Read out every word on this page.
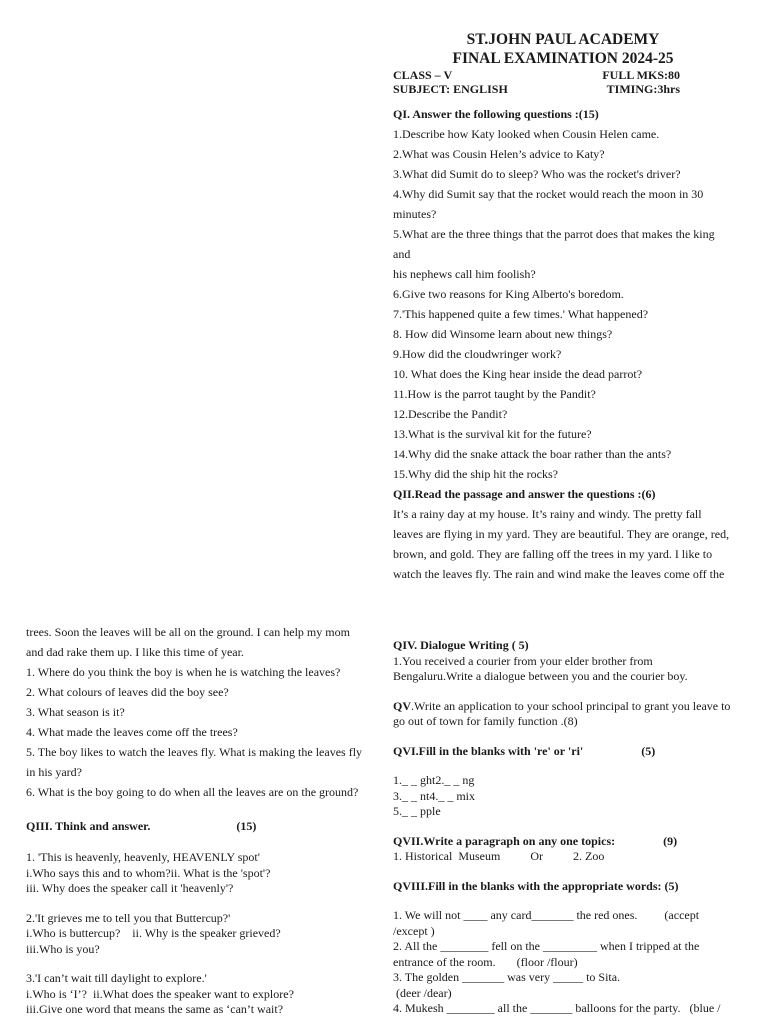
ST.JOHN PAUL ACADEMY
FINAL EXAMINATION 2024-25
CLASS – V	FULL MKS:80
SUBJECT: ENGLISH	TIMING:3hrs

QI. Answer the following questions :(15)

1.Describe how Katy looked when Cousin Helen came.

2.What was Cousin Helen’s advice to Katy?

3.What did Sumit do to sleep? Who was the rocket's driver?

4.Why did Sumit say that the rocket would reach the moon in 30

minutes?

5.What are the three things that the parrot does that makes the king and

his nephews call him foolish?

6.Give two reasons for King Alberto's boredom.

7.'This happened quite a few times.' What happened?

8. How did Winsome learn about new things?

9.How did the cloudwringer work?

10. What does the King hear inside the dead parrot?

11.How is the parrot taught by the Pandit?

12.Describe the Pandit?

13.What is the survival kit for the future?

14.Why did the snake attack the boar rather than the ants?

15.Why did the ship hit the rocks?

QII.Read the passage and answer the questions :(6)

It’s a rainy day at my house. It’s rainy and windy. The pretty fall

leaves are flying in my yard. They are beautiful. They are orange, red,

brown, and gold. They are falling off the trees in my yard. I like to

watch the leaves fly. The rain and wind make the leaves come off the

trees. Soon the leaves will be all on the ground. I can help my mom

and dad rake them up. I like this time of year.

1. Where do you think the boy is when he is watching the leaves?

2. What colours of leaves did the boy see?

3. What season is it?

4. What made the leaves come off the trees?

5. The boy likes to watch the leaves fly. What is making the leaves fly

in his yard?

6. What is the boy going to do when all the leaves are on the ground?

QIII. Think and answer.	(15)

1. 'This is heavenly, heavenly, HEAVENLY spot'

i.Who says this and to whom?ii. What is the 'spot'?

iii. Why does the speaker call it 'heavenly'?

2.'It grieves me to tell you that Buttercup?'

i.Who is buttercup?    ii. Why is the speaker grieved?

iii.Who is you?

3.'I can’t wait till daylight to explore.'

i.Who is ‘I’?  ii.What does the speaker want to explore?

iii.Give one word that means the same as ‘can’t wait?

QIV. Dialogue Writing ( 5)

1.You received a courier from your elder brother from

Bengaluru.Write a dialogue between you and the courier boy.

QV.Write an application to your school principal to grant you leave to

go out of town for family function .(8)

QVI.Fill in the blanks with 're' or 'ri'	(5)

1._ _ ght2._ _ ng

3._ _ nt4._ _ mix

5._ _ pple

QVII.Write a paragraph on any one topics:	(9)

1. Historical  Museum          Or          2. Zoo

QVIII.Fill in the blanks with the appropriate words: (5)

1. We will not ____ any card_______ the red ones.         (accept

/except )

2. All the ________ fell on the _________ when I tripped at the

entrance of the room.       (floor /flour)

3. The golden _______ was very _____ to Sita.

(deer /dear)

4. Mukesh ________ all the _______ balloons for the party.   (blue /
